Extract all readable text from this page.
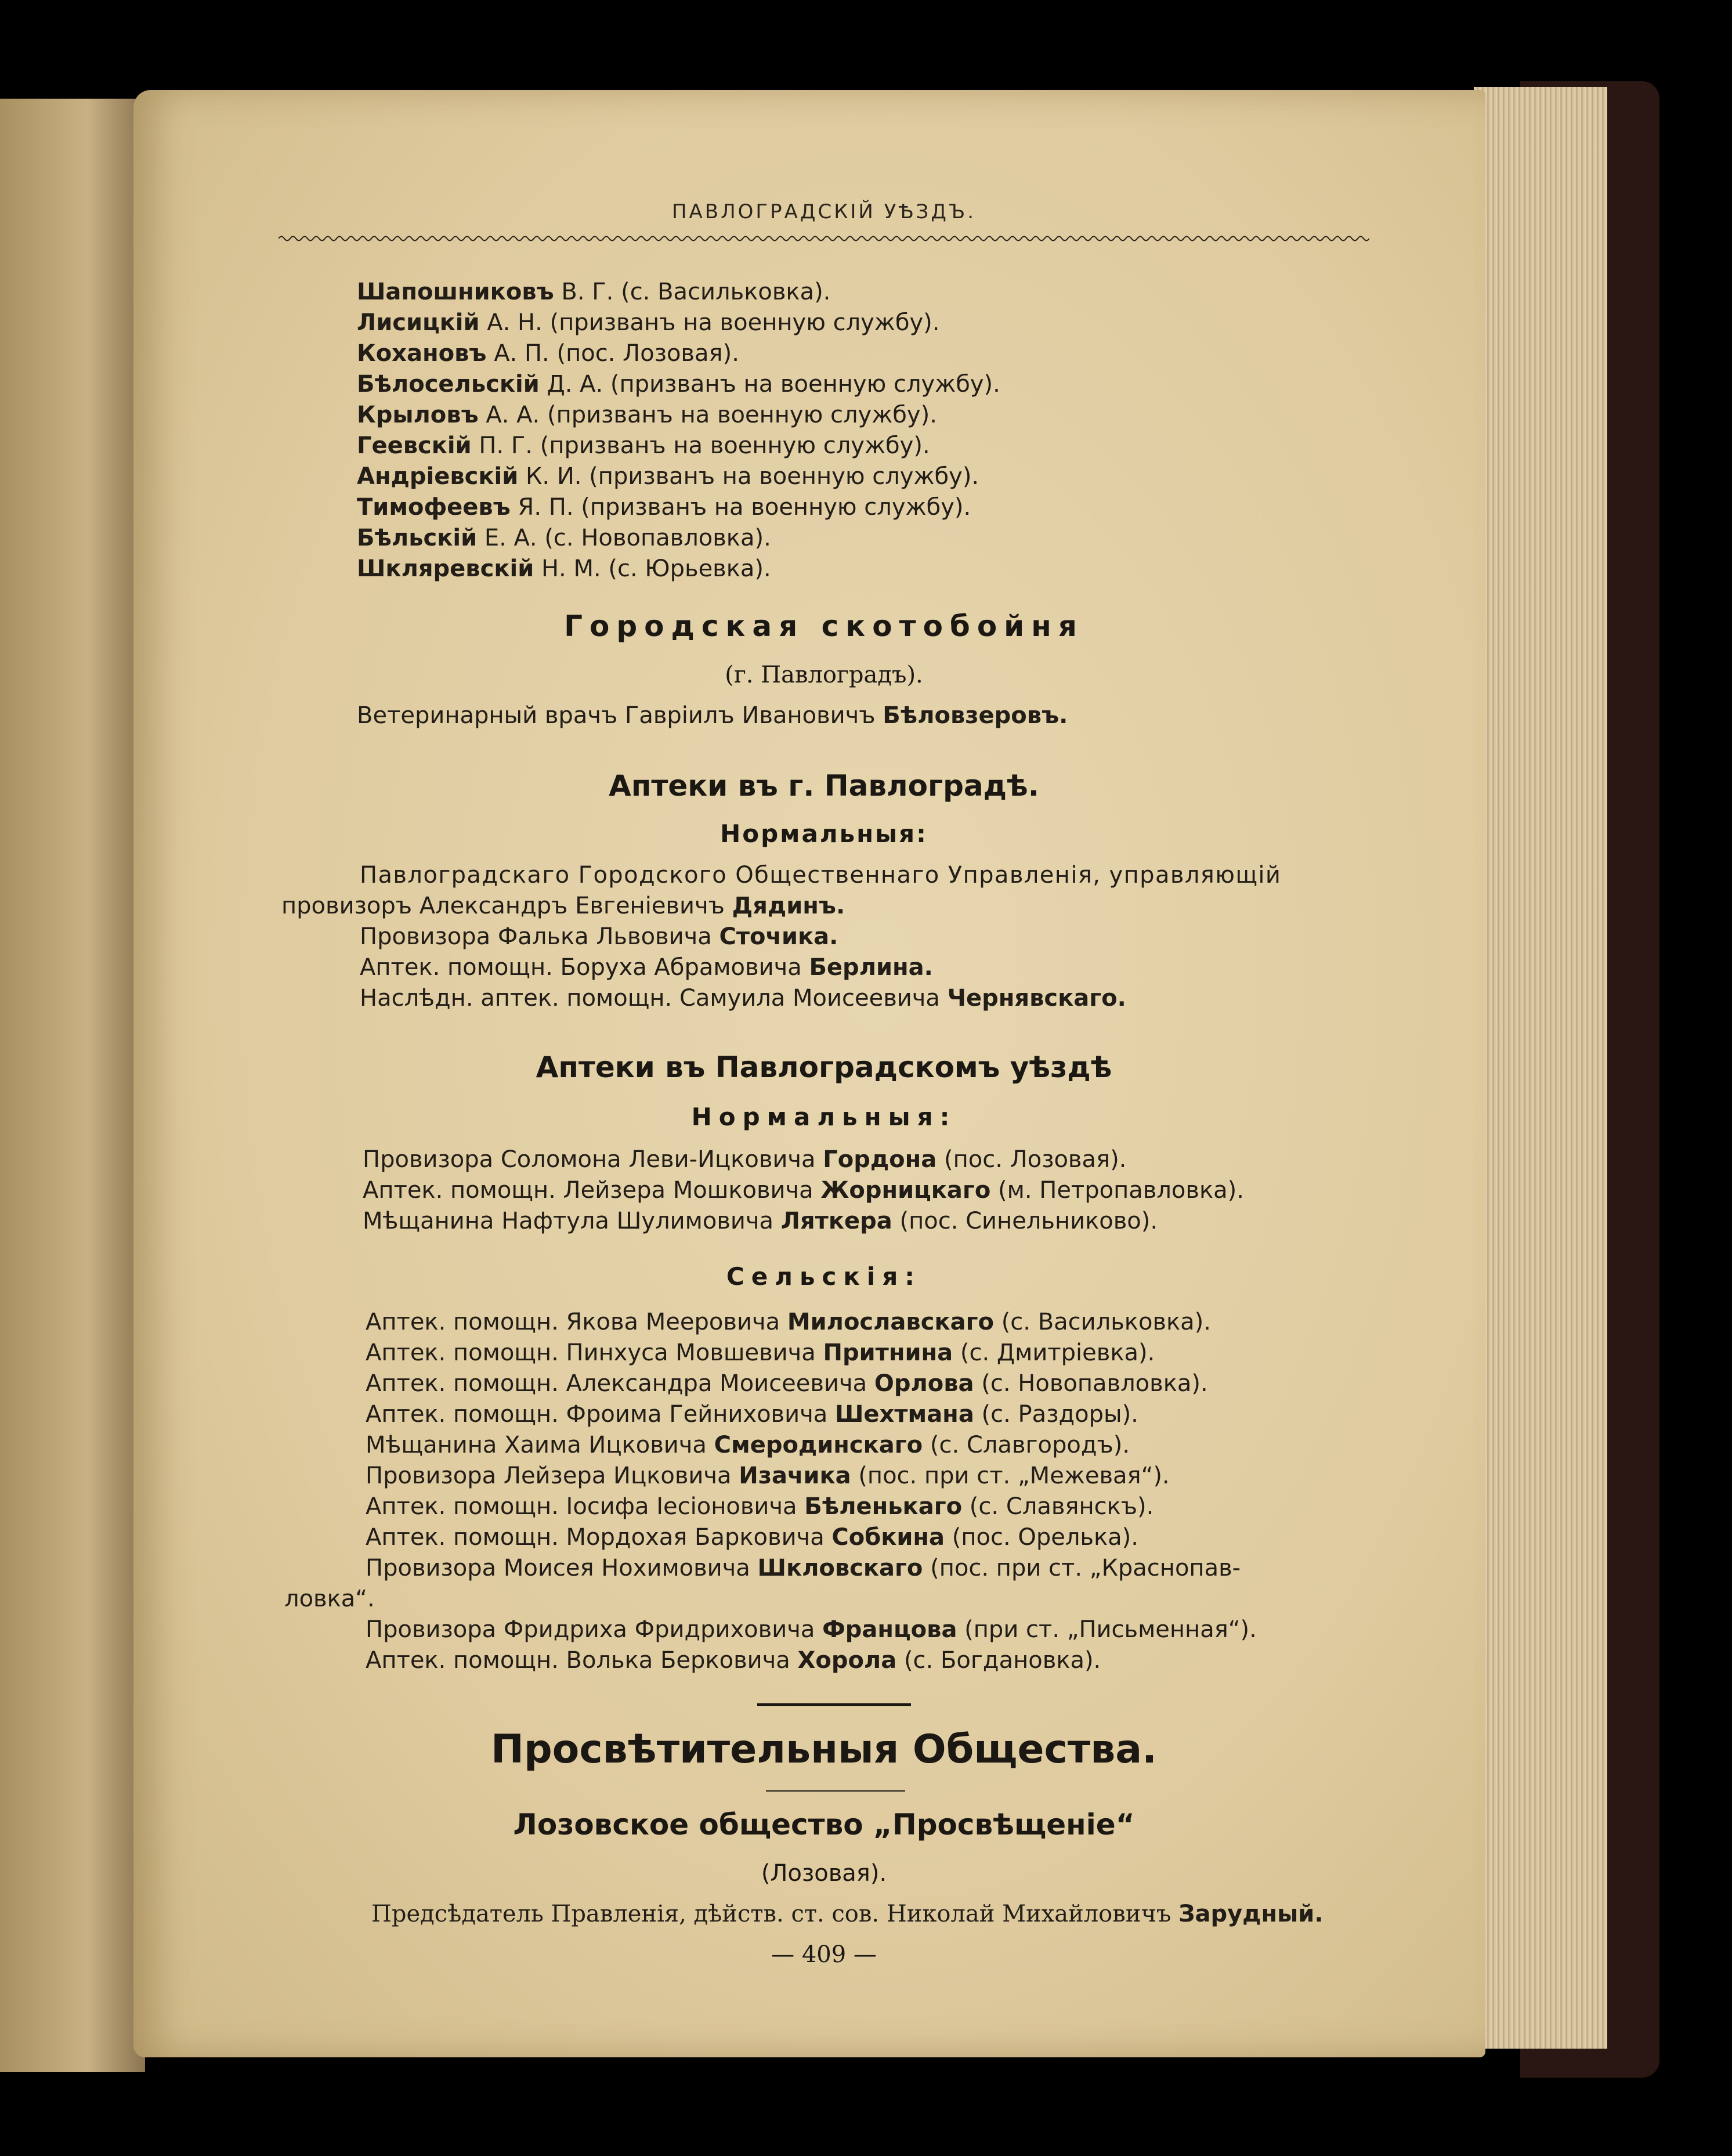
ПАВЛОГРАДСКІЙ УѢЗДЪ.
Шапошниковъ В. Г. (с. Васильковка).
Лисицкій А. Н. (призванъ на военную службу).
Кохановъ А. П. (пос. Лозовая).
Бѣлосельскій Д. А. (призванъ на военную службу).
Крыловъ А. А. (призванъ на военную службу).
Геевскій П. Г. (призванъ на военную службу).
Андріевскій К. И. (призванъ на военную службу).
Тимофеевъ Я. П. (призванъ на военную службу).
Бѣльскій Е. А. (с. Новопавловка).
Шкляревскій Н. М. (с. Юрьевка).
Городская скотобойня
(г. Павлоградъ).
Ветеринарный врачъ Гавріилъ Ивановичъ Бѣловзеровъ.
Аптеки въ г. Павлоградѣ.
Нормальныя:
Павлоградскаго Городского Общественнаго Управленія, управляющій
провизоръ Александръ Евгеніевичъ Дядинъ.
Провизора Фалька Львовича Сточика.
Аптек. помощн. Боруха Абрамовича Берлина.
Наслѣдн. аптек. помощн. Самуила Моисеевича Чернявскаго.
Аптеки въ Павлоградскомъ уѣздѣ
Нормальныя:
Провизора Соломона Леви-Ицковича Гордона (пос. Лозовая).
Аптек. помощн. Лейзера Мошковича Жорницкаго (м. Петропавловка).
Мѣщанина Нафтула Шулимовича Ляткера (пос. Синельниково).
Сельскія:
Аптек. помощн. Якова Мееровича Милославскаго (с. Васильковка).
Аптек. помощн. Пинхуса Мовшевича Притнина (с. Дмитріевка).
Аптек. помощн. Александра Моисеевича Орлова (с. Новопавловка).
Аптек. помощн. Фроима Гейниховича Шехтмана (с. Раздоры).
Мѣщанина Хаима Ицковича Смеродинскаго (с. Славгородъ).
Провизора Лейзера Ицковича Изачика (пос. при ст. „Межевая“).
Аптек. помощн. Іосифа Іесіоновича Бѣленькаго (с. Славянскъ).
Аптек. помощн. Мордохая Барковича Собкина (пос. Орелька).
Провизора Моисея Нохимовича Шкловскаго (пос. при ст. „Краснопав-
ловка“.
Провизора Фридриха Фридриховича Францова (при ст. „Письменная“).
Аптек. помощн. Волька Берковича Хорола (с. Богдановка).
Просвѣтительныя Общества.
Лозовское общество „Просвѣщеніе“
(Лозовая).
Предсѣдатель Правленія, дѣйств. ст. сов. Николай Михайловичъ Зарудный.
— 409 —
